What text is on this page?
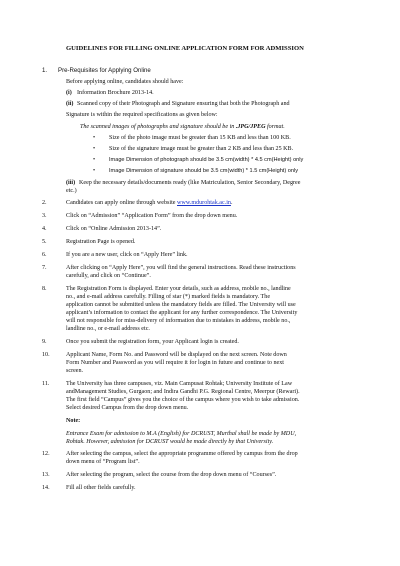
GUIDELINES FOR FILLING ONLINE APPLICATION FORM FOR ADMISSION
1. Pre-Requisites for Applying Online
Before applying online, candidates should have:
(i) Information Brochure 2013-14.
(ii) Scanned copy of their Photograph and Signature ensuring that both the Photograph and
Signature is within the required specifications as given below:
The scanned images of photographs and signature should be in .JPG/JPEG format.
• Size of the photo image must be greater than 15 KB and less than 100 KB.
• Size of the signature image must be greater than 2 KB and less than 25 KB.
• Image Dimension of photograph should be 3.5 cm(width) * 4.5 cm(Height) only
• Image Dimension of signature should be 3.5 cm(width) * 1.5 cm(Height) only
(iii) Keep the necessary details/documents ready (like Matriculation, Senior Secondary, Degree
etc.)
2.	Candidates can apply online through website www.mdurohtak.ac.in.
3.	Click on “Admission” “Application Form” from the drop down menu.
4.	Click on “Online Admission 2013-14”.
5.	Registration Page is opened.
6.	If you are a new user, click on “Apply Here” link.
7.	After clicking on “Apply Here”, you will find the general instructions. Read these instructions
carefully, and click on “Continue”.
8.	The Registration Form is displayed. Enter your details, such as address, mobile no., landline
no., and e-mail address carefully. Filling of star (*) marked fields is mandatory. The
application cannot be submitted unless the mandatory fields are filled. The University will use
applicant’s information to contact the applicant for any further correspondence. The University
will not responsible for miss-delivery of information due to mistakes in address, mobile no.,
landline no., or e-mail address etc.
9.	Once you submit the registration form, your Applicant login is created.
10.	Applicant Name, Form No. and Password will be displayed on the next screen. Note down
Form Number and Password as you will require it for login in future and continue to next
screen.
11.	The University has three campuses, viz. Main Campusat Rohtak; University Institute of Law
andManagement Studies, Gurgaon; and Indira Gandhi P.G. Regional Centre, Meerpur (Rewari).
The first field “Campus” gives you the choice of the campus where you wish to take admission.
Select desired Campus from the drop down menu.
Note:
Entrance Exam for admission to M.A (English) for DCRUST, Murthal shall be made by MDU,
Rohtak. However, admission for DCRUST would be made directly by that University.
12.	After selecting the campus, select the appropriate programme offered by campus from the drop
down menu of “Program list”.
13.	After selecting the program, select the course from the drop down menu of “Courses”.
14.	Fill all other fields carefully.
